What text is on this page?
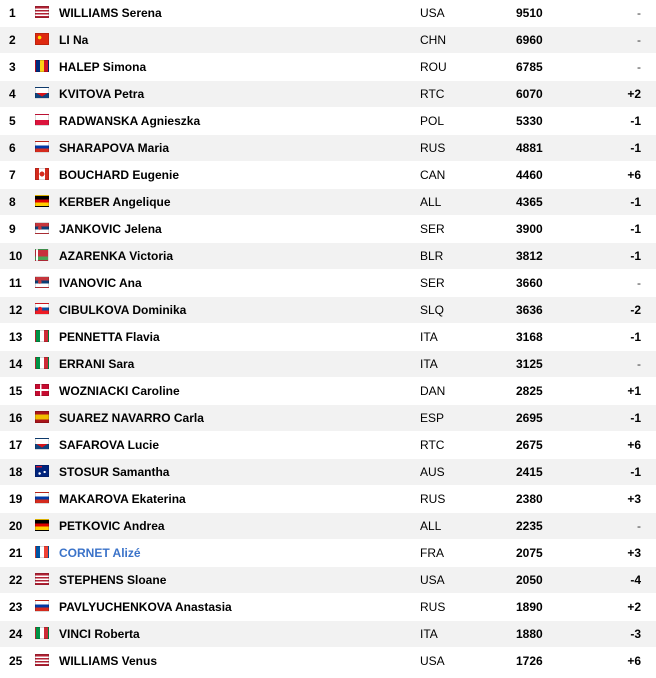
1	WILLIAMS Serena	USA	9510	-
2	LI Na	CHN	6960	-
3	HALEP Simona	ROU	6785	-
4	KVITOVA Petra	RTC	6070	+2
5	RADWANSKA Agnieszka	POL	5330	-1
6	SHARAPOVA Maria	RUS	4881	-1
7	BOUCHARD Eugenie	CAN	4460	+6
8	KERBER Angelique	ALL	4365	-1
9	JANKOVIC Jelena	SER	3900	-1
10	AZARENKA Victoria	BLR	3812	-1
11	IVANOVIC Ana	SER	3660	-
12	CIBULKOVA Dominika	SLQ	3636	-2
13	PENNETTA Flavia	ITA	3168	-1
14	ERRANI Sara	ITA	3125	-
15	WOZNIACKI Caroline	DAN	2825	+1
16	SUAREZ NAVARRO Carla	ESP	2695	-1
17	SAFAROVA Lucie	RTC	2675	+6
18	STOSUR Samantha	AUS	2415	-1
19	MAKAROVA Ekaterina	RUS	2380	+3
20	PETKOVIC Andrea	ALL	2235	-
21	CORNET Alizé	FRA	2075	+3
22	STEPHENS Sloane	USA	2050	-4
23	PAVLYUCHENKOVA Anastasia	RUS	1890	+2
24	VINCI Roberta	ITA	1880	-3
25	WILLIAMS Venus	USA	1726	+6
